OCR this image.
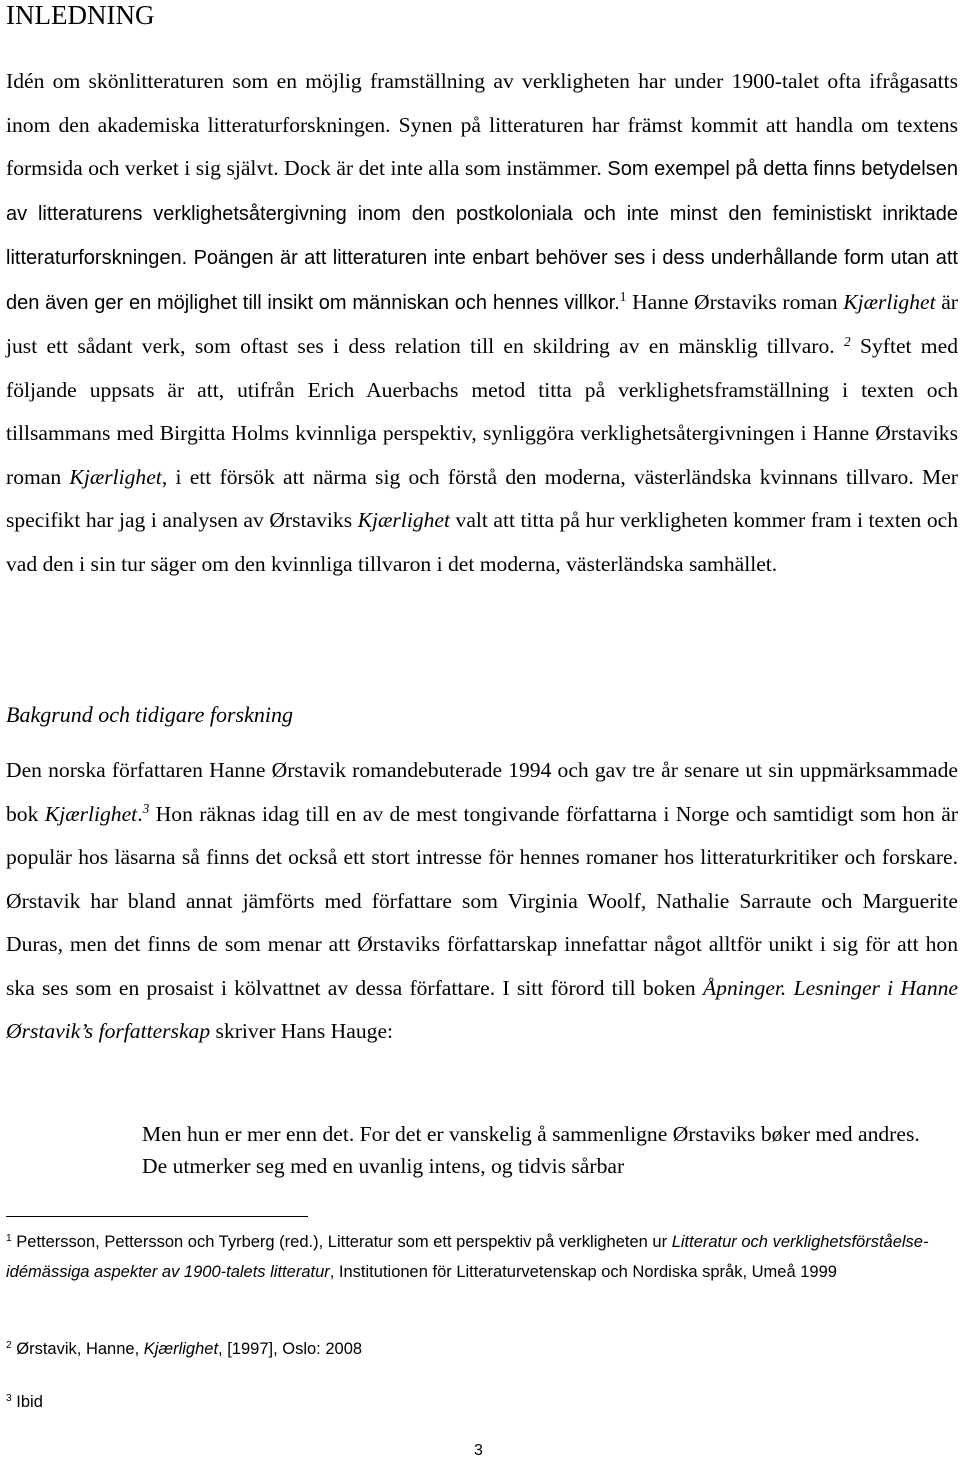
INLEDNING

Idén om skönlitteraturen som en möjlig framställning av verkligheten har under 1900-talet ofta ifrågasatts inom den akademiska litteraturforskningen. Synen på litteraturen har främst kommit att handla om textens formsida och verket i sig självt. Dock är det inte alla som instämmer. Som exempel på detta finns betydelsen av litteraturens verklighetsåtergivning inom den postkoloniala och inte minst den feministiskt inriktade litteraturforskningen. Poängen är att litteraturen inte enbart behöver ses i dess underhållande form utan att den även ger en möjlighet till insikt om människan och hennes villkor.$^1$ Hanne Ørstaviks roman Kjærlighet är just ett sådant verk, som oftast ses i dess relation till en skildring av en mänsklig tillvaro. $^2$ Syftet med följande uppsats är att, utifrån Erich Auerbachs metod titta på verklighetsframställning i texten och tillsammans med Birgitta Holms kvinnliga perspektiv, synliggöra verklighetsåtergivningen i Hanne Ørstaviks roman Kjærlighet, i ett försök att närma sig och förstå den moderna, västerländska kvinnans tillvaro. Mer specifikt har jag i analysen av Ørstaviks Kjærlighet valt att titta på hur verkligheten kommer fram i texten och vad den i sin tur säger om den kvinnliga tillvaron i det moderna, västerländska samhället.

Bakgrund och tidigare forskning

Den norska författaren Hanne Ørstavik romandebuterade 1994 och gav tre år senare ut sin uppmärksammade bok Kjærlighet.$^3$ Hon räknas idag till en av de mest tongivande författarna i Norge och samtidigt som hon är populär hos läsarna så finns det också ett stort intresse för hennes romaner hos litteraturkritiker och forskare. Ørstavik har bland annat jämförts med författare som Virginia Woolf, Nathalie Sarraute och Marguerite Duras, men det finns de som menar att Ørstaviks författarskap innefattar något alltför unikt i sig för att hon ska ses som en prosaist i kölvattnet av dessa författare. I sitt förord till boken Åpninger. Lesninger i Hanne Ørstavik’s forfatterskap skriver Hans Hauge:

Men hun er mer enn det. For det er vanskelig å sammenligne Ørstaviks bøker med andres. De utmerker seg med en uvanlig intens, og tidvis sårbar

$^1$ Pettersson, Pettersson och Tyrberg (red.), Litteratur som ett perspektiv på verkligheten ur Litteratur och verklighetsförståelse- idémässiga aspekter av 1900-talets litteratur, Institutionen för Litteraturvetenskap och Nordiska språk, Umeå 1999

$^2$ Ørstavik, Hanne, Kjærlighet, [1997], Oslo: 2008

$^3$ Ibid

3
